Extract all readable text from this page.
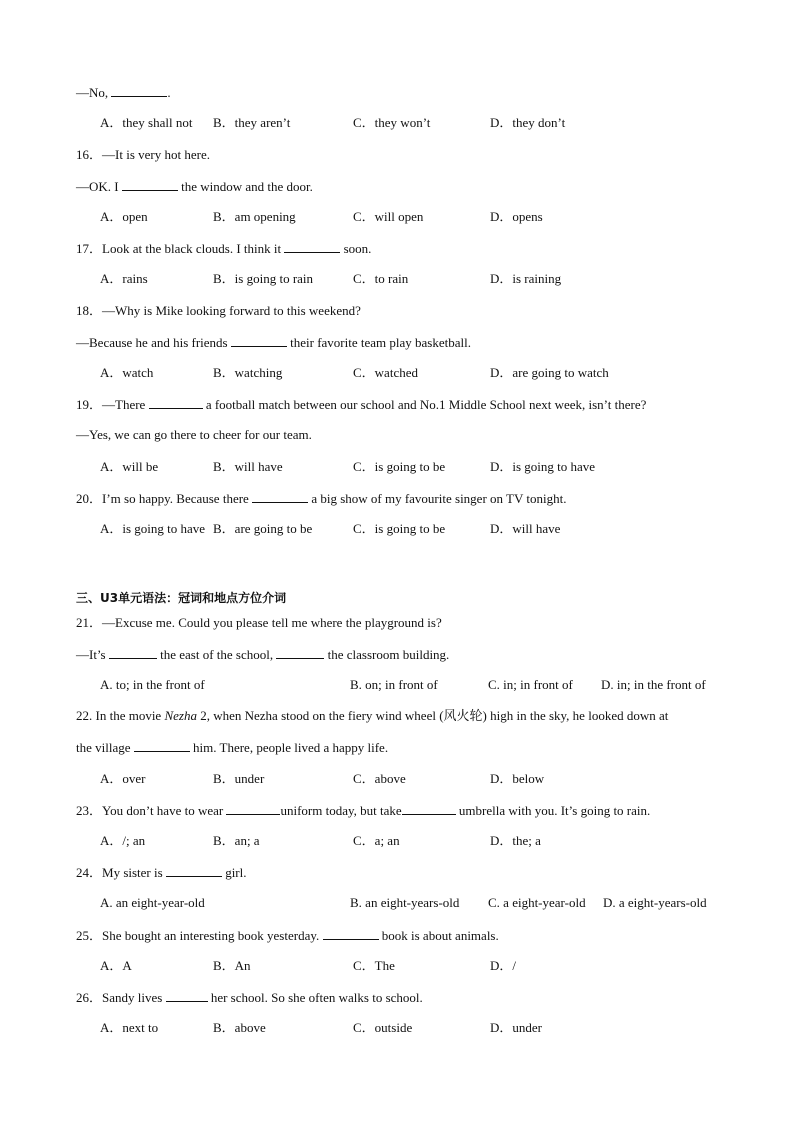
—No,	.
A．they shall not B．they aren’t	C．they won’t	D．they don’t
16．—It is very hot here.
—OK. I	the window and the door.
A．open	B．am opening	C．will open	D．opens
17．Look at the black clouds. I think it	soon.
A．rains	B．is going to rain	C．to rain	D．is raining
18．—Why is Mike looking forward to this weekend?
—Because he and his friends	their favorite team play basketball.
A．watch	B．watching	C．watched	D．are going to watch
19．—There	a football match between our school and No.1 Middle School next week, isn’t there?
—Yes, we can go there to cheer for our team.
A．will be	B．will have	C．is going to be	D．is going to have
20．I’m so happy. Because there	a big show of my favourite singer on TV tonight.
A．is going to have B．are going to be	C．is going to be	D．will have
三、U3单元语法：冠词和地点方位介词
21．—Excuse me. Could you please tell me where the playground is?
—It’s	the east of the school,	the classroom building.
A. to; in the front of	B. on; in front of	C. in; in front of D. in; in the front of
22. In the movie Nezha 2, when Nezha stood on the fiery wind wheel (风火轮) high in the sky, he looked down at
the village	him. There, people lived a happy life.
A．over	B．under	C．above	D．below
23．You don’t have to wear	uniform today, but take	umbrella with you. It’s going to rain.
A．/; an	B．an; a	C．a; an	D．the; a
24．My sister is	girl.
A. an eight-year-old	B. an eight-years-old C. a eight-year-old D. a eight-years-old
25．She bought an interesting book yesterday.	book is about animals.
A．A	B．An	C．The	D．/
26．Sandy lives	her school. So she often walks to school.
A．next to	B．above	C．outside	D．under
